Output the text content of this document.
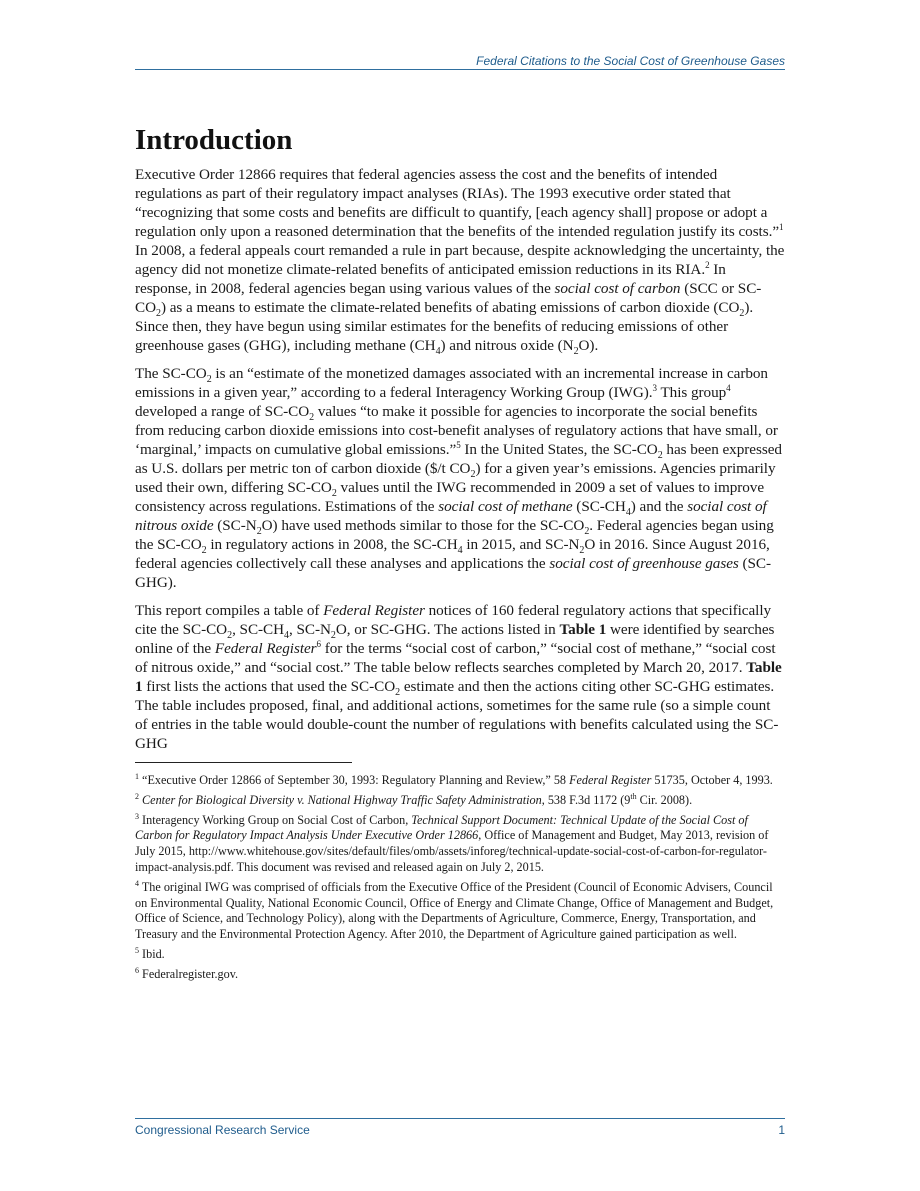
Federal Citations to the Social Cost of Greenhouse Gases
Introduction

Executive Order 12866 requires that federal agencies assess the cost and the benefits of intended regulations as part of their regulatory impact analyses (RIAs). The 1993 executive order stated that “recognizing that some costs and benefits are difficult to quantify, [each agency shall] propose or adopt a regulation only upon a reasoned determination that the benefits of the intended regulation justify its costs.”$^1$ In 2008, a federal appeals court remanded a rule in part because, despite acknowledging the uncertainty, the agency did not monetize climate-related benefits of anticipated emission reductions in its RIA.$^2$ In response, in 2008, federal agencies began using various values of the social cost of carbon (SCC or $SC-CO_2$) as a means to estimate the climate-related benefits of abating emissions of carbon dioxide $(CO_2)$. Since then, they have begun using similar estimates for the benefits of reducing emissions of other greenhouse gases (GHG), including methane $(CH_4)$ and nitrous oxide $(N_2O)$.

The $SC-CO_2$ is an “estimate of the monetized damages associated with an incremental increase in carbon emissions in a given year,” according to a federal Interagency Working Group (IWG).$^3$ This group$^4$ developed a range of $SC-CO_2$ values “to make it possible for agencies to incorporate the social benefits from reducing carbon dioxide emissions into cost-benefit analyses of regulatory actions that have small, or ‘marginal,’ impacts on cumulative global emissions.”$^5$ In the United States, the $SC-CO_2$ has been expressed as U.S. dollars per metric ton of carbon dioxide ($/t $CO_2$) for a given year’s emissions. Agencies primarily used their own, differing $SC-CO_2$ values until the IWG recommended in 2009 a set of values to improve consistency across regulations. Estimations of the social cost of methane $(SC-CH_4)$ and the social cost of nitrous oxide $(SC-N_2O)$ have used methods similar to those for the $SC-CO_2$. Federal agencies began using the $SC-CO_2$ in regulatory actions in 2008, the $SC-CH_4$ in 2015, and $SC-N_2O$ in 2016. Since August 2016, federal agencies collectively call these analyses and applications the social cost of greenhouse gases (SC-GHG).

This report compiles a table of Federal Register notices of 160 federal regulatory actions that specifically cite the $SC-CO_2$, $SC-CH_4$, $SC-N_2O$, or SC-GHG. The actions listed in Table 1 were identified by searches online of the Federal Register$^6$ for the terms “social cost of carbon,” “social cost of methane,” “social cost of nitrous oxide,” and “social cost.” The table below reflects searches completed by March 20, 2017. Table 1 first lists the actions that used the $SC-CO_2$ estimate and then the actions citing other SC-GHG estimates. The table includes proposed, final, and additional actions, sometimes for the same rule (so a simple count of entries in the table would double-count the number of regulations with benefits calculated using the SC-GHG

$^1$ “Executive Order 12866 of September 30, 1993: Regulatory Planning and Review,” 58 Federal Register 51735, October 4, 1993.

$^2$ Center for Biological Diversity v. National Highway Traffic Safety Administration, 538 F.3d 1172 (9th Cir. 2008).

$^3$ Interagency Working Group on Social Cost of Carbon, Technical Support Document: Technical Update of the Social Cost of Carbon for Regulatory Impact Analysis Under Executive Order 12866, Office of Management and Budget, May 2013, revision of July 2015, http://www.whitehouse.gov/sites/default/files/omb/assets/inforeg/technical-update-social-cost-of-carbon-for-regulator-impact-analysis.pdf. This document was revised and released again on July 2, 2015.

$^4$ The original IWG was comprised of officials from the Executive Office of the President (Council of Economic Advisers, Council on Environmental Quality, National Economic Council, Office of Energy and Climate Change, Office of Management and Budget, Office of Science, and Technology Policy), along with the Departments of Agriculture, Commerce, Energy, Transportation, and Treasury and the Environmental Protection Agency. After 2010, the Department of Agriculture gained participation as well.

$^5$ Ibid.

$^6$ Federalregister.gov.

Congressional Research Service	1
